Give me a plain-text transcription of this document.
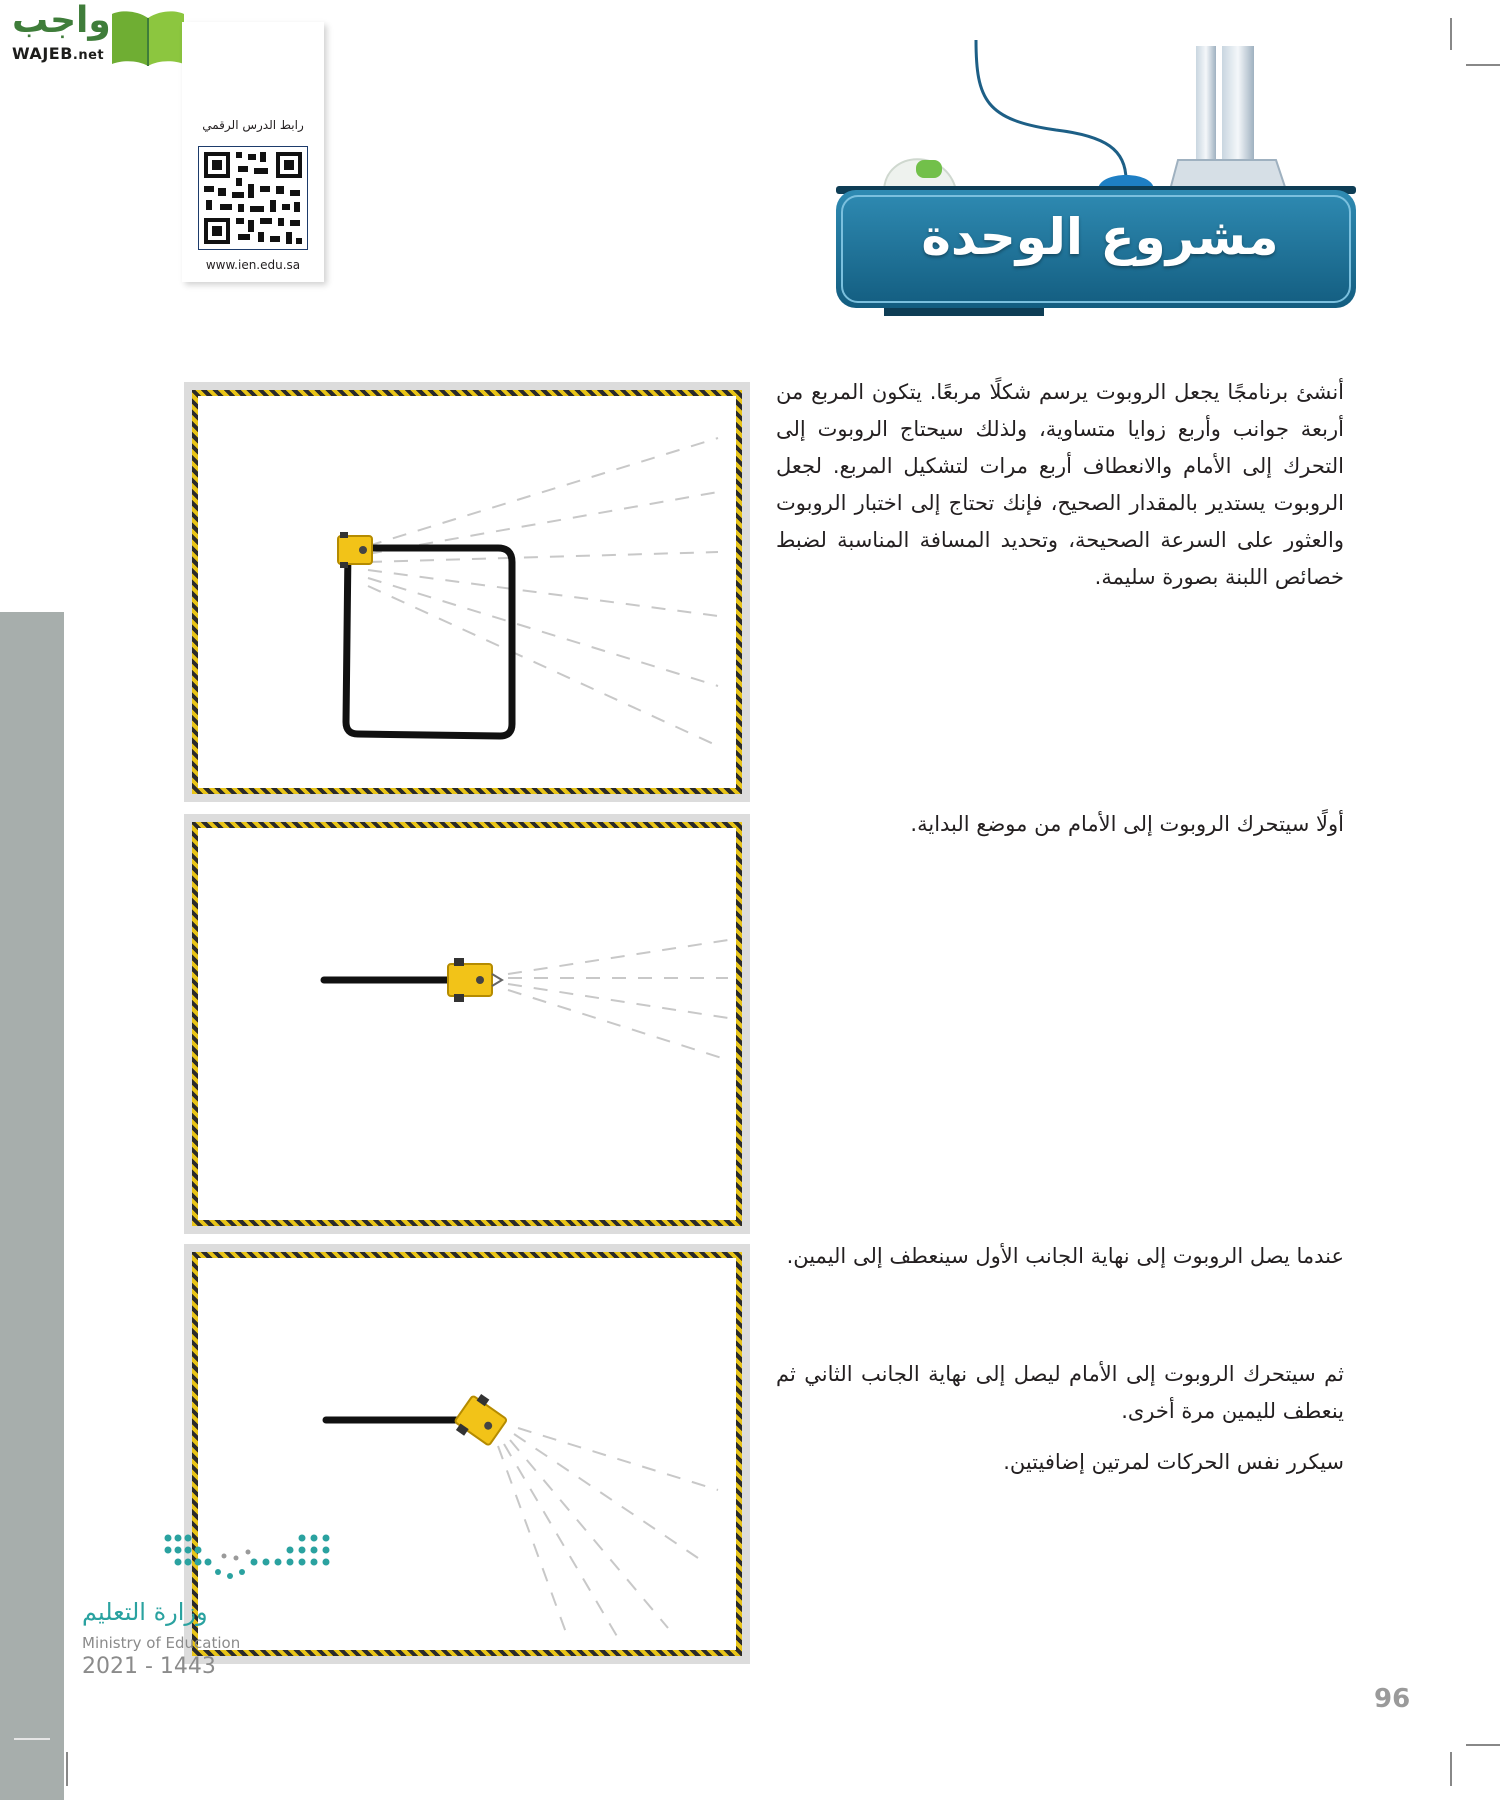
واجب
WAJEB.net
رابط الدرس الرقمي
www.ien.edu.sa	مشروع الوحدة
أنشئ برنامجًا يجعل الروبوت يرسم شكلًا مربعًا. يتكون المربع من أربعة جوانب وأربع زوايا متساوية، ولذلك سيحتاج الروبوت إلى التحرك إلى الأمام والانعطاف أربع مرات لتشكيل المربع. لجعل الروبوت يستدير بالمقدار الصحيح، فإنك تحتاج إلى اختبار الروبوت والعثور على السرعة الصحيحة، وتحديد المسافة المناسبة لضبط خصائص اللبنة بصورة سليمة.
أولًا سيتحرك الروبوت إلى الأمام من موضع البداية.
عندما يصل الروبوت إلى نهاية الجانب الأول سينعطف إلى اليمين.
ثم سيتحرك الروبوت إلى الأمام ليصل إلى نهاية الجانب الثاني ثم ينعطف لليمين مرة أخرى.
سيكرر نفس الحركات لمرتين إضافيتين.
وزارة التعليم
Ministry of Education
2021 - 1443
96
